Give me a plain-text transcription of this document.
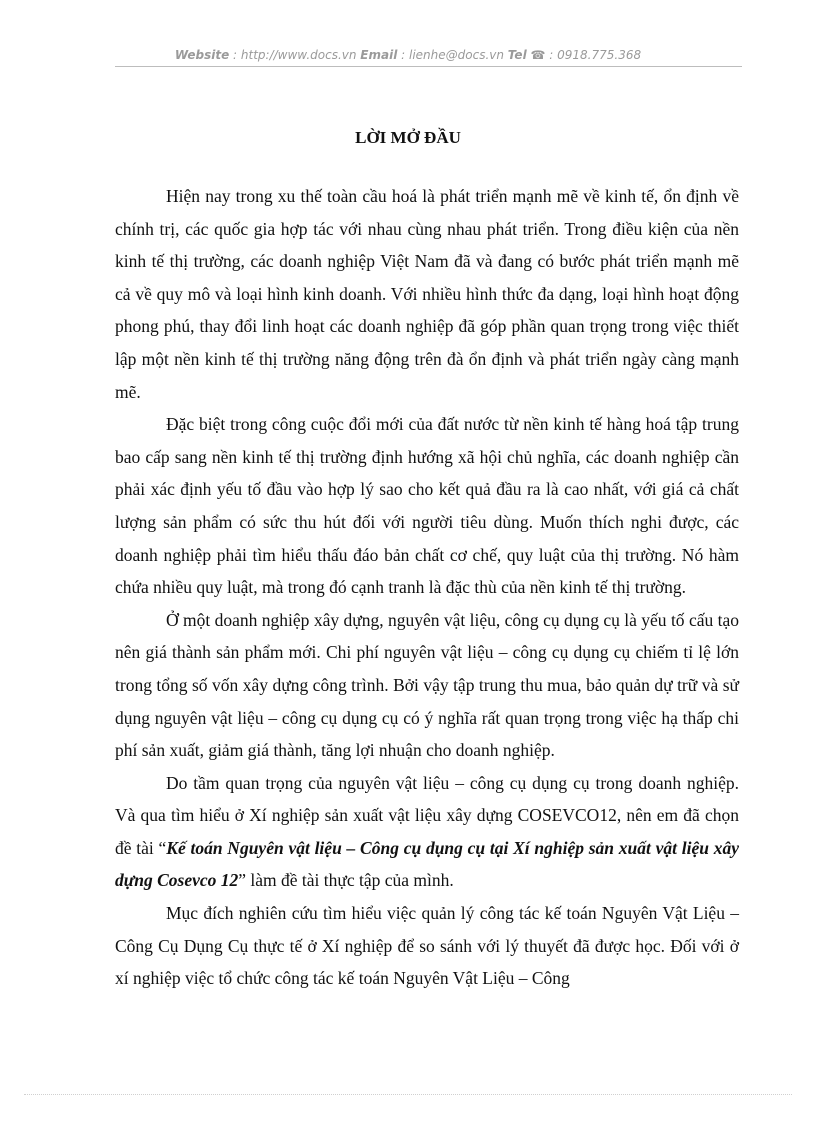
Website : http://www.docs.vn Email : lienhe@docs.vn Tel ☎ : 0918.775.368
LỜI MỞ ĐẦU

Hiện nay trong xu thế toàn cầu hoá là phát triển mạnh mẽ về kinh tế, ổn định về chính trị, các quốc gia hợp tác với nhau cùng nhau phát triển. Trong điều kiện của nền kinh tế thị trường, các doanh nghiệp Việt Nam đã và đang có bước phát triển mạnh mẽ cả về quy mô và loại hình kinh doanh. Với nhiều hình thức đa dạng, loại hình hoạt động phong phú, thay đổi linh hoạt các doanh nghiệp đã góp phần quan trọng trong việc thiết lập một nền kinh tế thị trường năng động trên đà ổn định và phát triển ngày càng mạnh mẽ.

Đặc biệt trong công cuộc đổi mới của đất nước từ nền kinh tế hàng hoá tập trung bao cấp sang nền kinh tế thị trường định hướng xã hội chủ nghĩa, các doanh nghiệp cần phải xác định yếu tố đầu vào hợp lý sao cho kết quả đầu ra là cao nhất, với giá cả chất lượng sản phẩm có sức thu hút đối với người tiêu dùng. Muốn thích nghi được, các doanh nghiệp phải tìm hiểu thấu đáo bản chất cơ chế, quy luật của thị trường. Nó hàm chứa nhiều quy luật, mà trong đó cạnh tranh là đặc thù của nền kinh tế thị trường.

Ở một doanh nghiệp xây dựng, nguyên vật liệu, công cụ dụng cụ là yếu tố cấu tạo nên giá thành sản phẩm mới. Chi phí nguyên vật liệu – công cụ dụng cụ chiếm tỉ lệ lớn trong tổng số vốn xây dựng công trình. Bởi vậy tập trung thu mua, bảo quản dự trữ và sử dụng nguyên vật liệu – công cụ dụng cụ có ý nghĩa rất quan trọng trong việc hạ thấp chi phí sản xuất, giảm giá thành, tăng lợi nhuận cho doanh nghiệp.

Do tầm quan trọng của nguyên vật liệu – công cụ dụng cụ trong doanh nghiệp. Và qua tìm hiểu ở Xí nghiệp sản xuất vật liệu xây dựng COSEVCO12, nên em đã chọn đề tài “Kế toán Nguyên vật liệu – Công cụ dụng cụ tại Xí nghiệp sản xuất vật liệu xây dựng Cosevco 12” làm đề tài thực tập của mình.

Mục đích nghiên cứu tìm hiểu việc quản lý công tác kế toán Nguyên Vật Liệu – Công Cụ Dụng Cụ thực tế ở Xí nghiệp để so sánh với lý thuyết đã được học. Đối với ở xí nghiệp việc tổ chức công tác kế toán Nguyên Vật Liệu – Công
